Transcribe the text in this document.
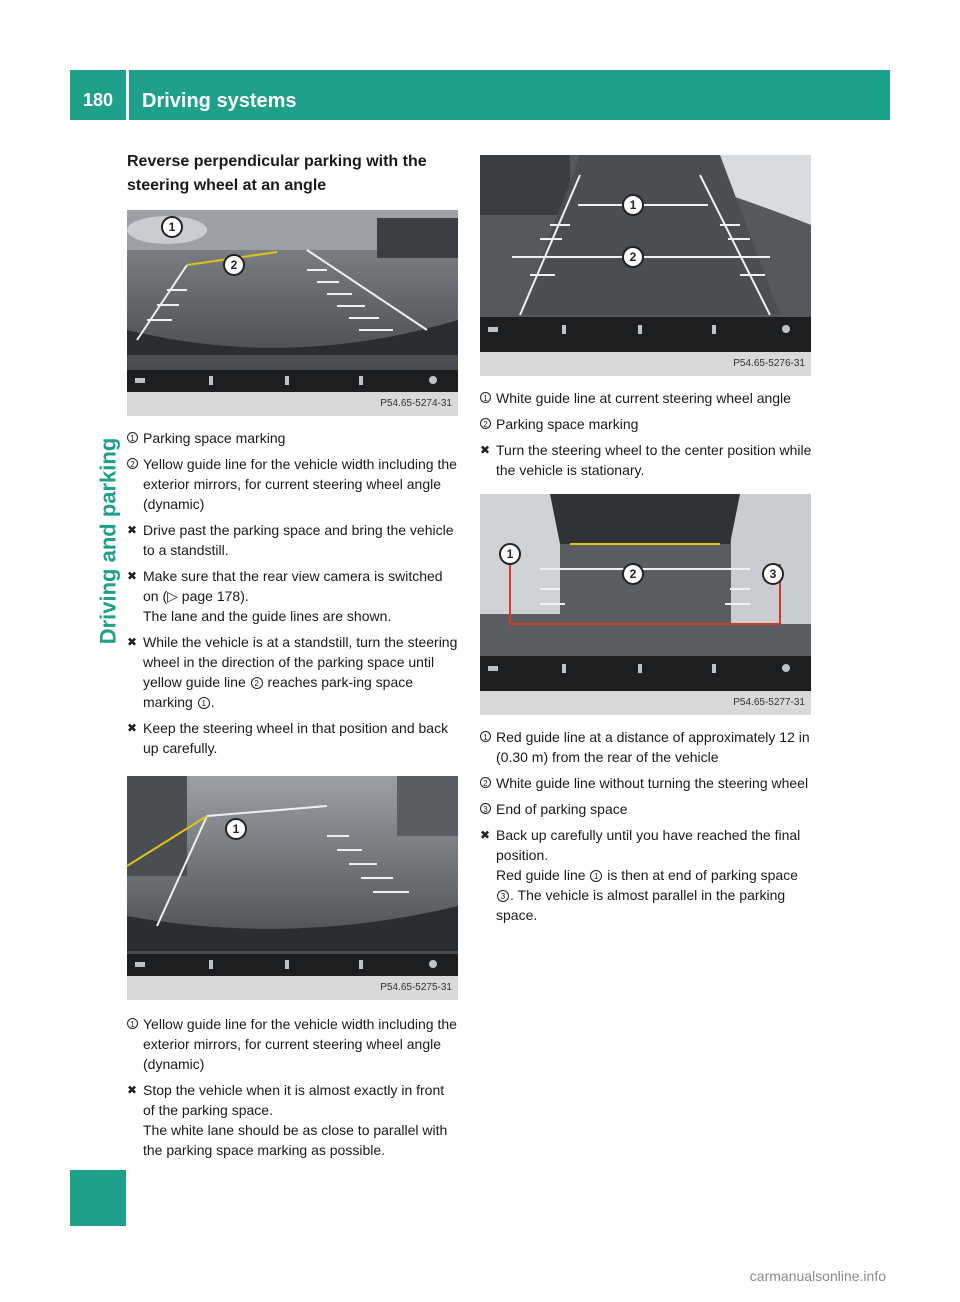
180	Driving systems
Driving and parking
Reverse perpendicular parking with the steering wheel at an angle
1
2
P54.65-5274-31
1 Parking space marking
2 Yellow guide line for the vehicle width including the exterior mirrors, for current steering wheel angle (dynamic)
✖ Drive past the parking space and bring the vehicle to a standstill.
✖ Make sure that the rear view camera is switched on (▷ page 178).
The lane and the guide lines are shown.
✖ While the vehicle is at a standstill, turn the steering wheel in the direction of the parking space until yellow guide line 2 reaches park-ing space marking 1 .
✖ Keep the steering wheel in that position and back up carefully.
1
P54.65-5275-31
1 Yellow guide line for the vehicle width including the exterior mirrors, for current steering wheel angle (dynamic)
✖ Stop the vehicle when it is almost exactly in front of the parking space.
The white lane should be as close to parallel with the parking space marking as possible.
1
2
P54.65-5276-31
1 White guide line at current steering wheel angle
2 Parking space marking
✖ Turn the steering wheel to the center position while the vehicle is stationary.
1
2	3
P54.65-5277-31
1 Red guide line at a distance of approximately 12 in (0.30 m) from the rear of the vehicle
2 White guide line without turning the steering wheel
3 End of parking space
✖ Back up carefully until you have reached the final position.
Red guide line 1 is then at end of parking space 3 . The vehicle is almost parallel in the parking space.
carmanualsonline.info
